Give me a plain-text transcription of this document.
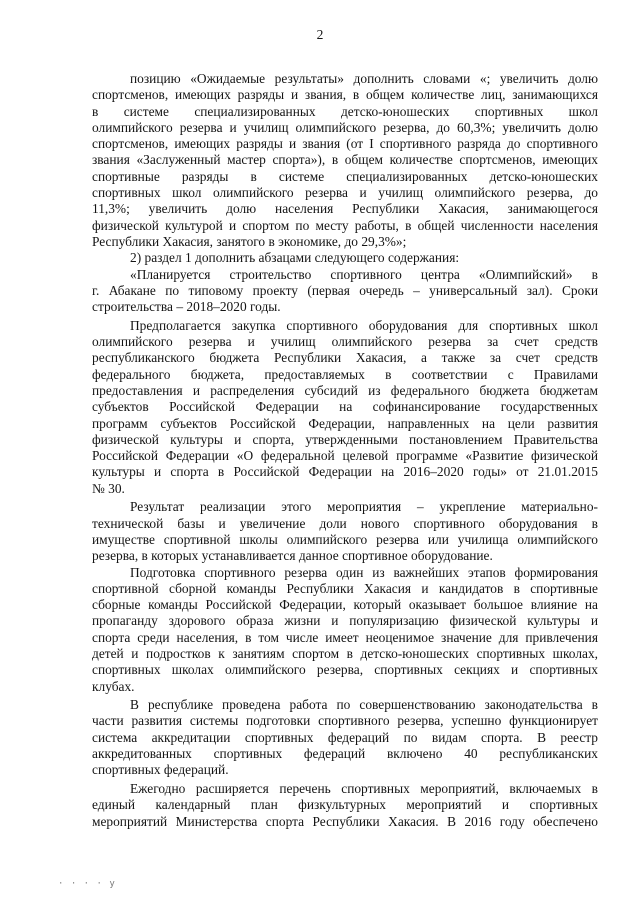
2
позицию «Ожидаемые результаты» дополнить словами «; увеличить долю
спортсменов, имеющих разряды и звания, в общем количестве лиц, занимающихся
в системе специализированных детско-юношеских спортивных школ
олимпийского резерва и училищ олимпийского резерва, до 60,3%; увеличить долю
спортсменов, имеющих разряды и звания (от I спортивного разряда до спортивного
звания «Заслуженный мастер спорта»), в общем количестве спортсменов, имеющих
спортивные разряды в системе специализированных детско-юношеских
спортивных школ олимпийского резерва и училищ олимпийского резерва, до
11,3%; увеличить долю населения Республики Хакасия, занимающегося
физической культурой и спортом по месту работы, в общей численности населения
Республики Хакасия, занятого в экономике, до 29,3%»;
2) раздел 1 дополнить абзацами следующего содержания:
«Планируется строительство спортивного центра «Олимпийский» в
г. Абакане по типовому проекту (первая очередь – универсальный зал). Сроки
строительства – 2018–2020 годы.
Предполагается закупка спортивного оборудования для спортивных школ
олимпийского резерва и училищ олимпийского резерва за счет средств
республиканского бюджета Республики Хакасия, а также за счет средств
федерального бюджета, предоставляемых в соответствии с Правилами
предоставления и распределения субсидий из федерального бюджета бюджетам
субъектов Российской Федерации на софинансирование государственных
программ субъектов Российской Федерации, направленных на цели развития
физической культуры и спорта, утвержденными постановлением Правительства
Российской Федерации «О федеральной целевой программе «Развитие физической
культуры и спорта в Российской Федерации на 2016–2020 годы» от 21.01.2015
№ 30.
Результат реализации этого мероприятия – укрепление материально-
технической базы и увеличение доли нового спортивного оборудования в
имуществе спортивной школы олимпийского резерва или училища олимпийского
резерва, в которых устанавливается данное спортивное оборудование.
Подготовка спортивного резерва один из важнейших этапов формирования
спортивной сборной команды Республики Хакасия и кандидатов в спортивные
сборные команды Российской Федерации, который оказывает большое влияние на
пропаганду здорового образа жизни и популяризацию физической культуры и
спорта среди населения, в том числе имеет неоценимое значение для привлечения
детей и подростков к занятиям спортом в детско-юношеских спортивных школах,
спортивных школах олимпийского резерва, спортивных секциях и спортивных
клубах.
В республике проведена работа по совершенствованию законодательства в
части развития системы подготовки спортивного резерва, успешно функционирует
система аккредитации спортивных федераций по видам спорта. В реестр
аккредитованных спортивных федераций включено 40 республиканских
спортивных федераций.
Ежегодно расширяется перечень спортивных мероприятий, включаемых в
единый календарный план физкультурных мероприятий и спортивных
мероприятий Министерства спорта Республики Хакасия. В 2016 году обеспечено
· · · · у
